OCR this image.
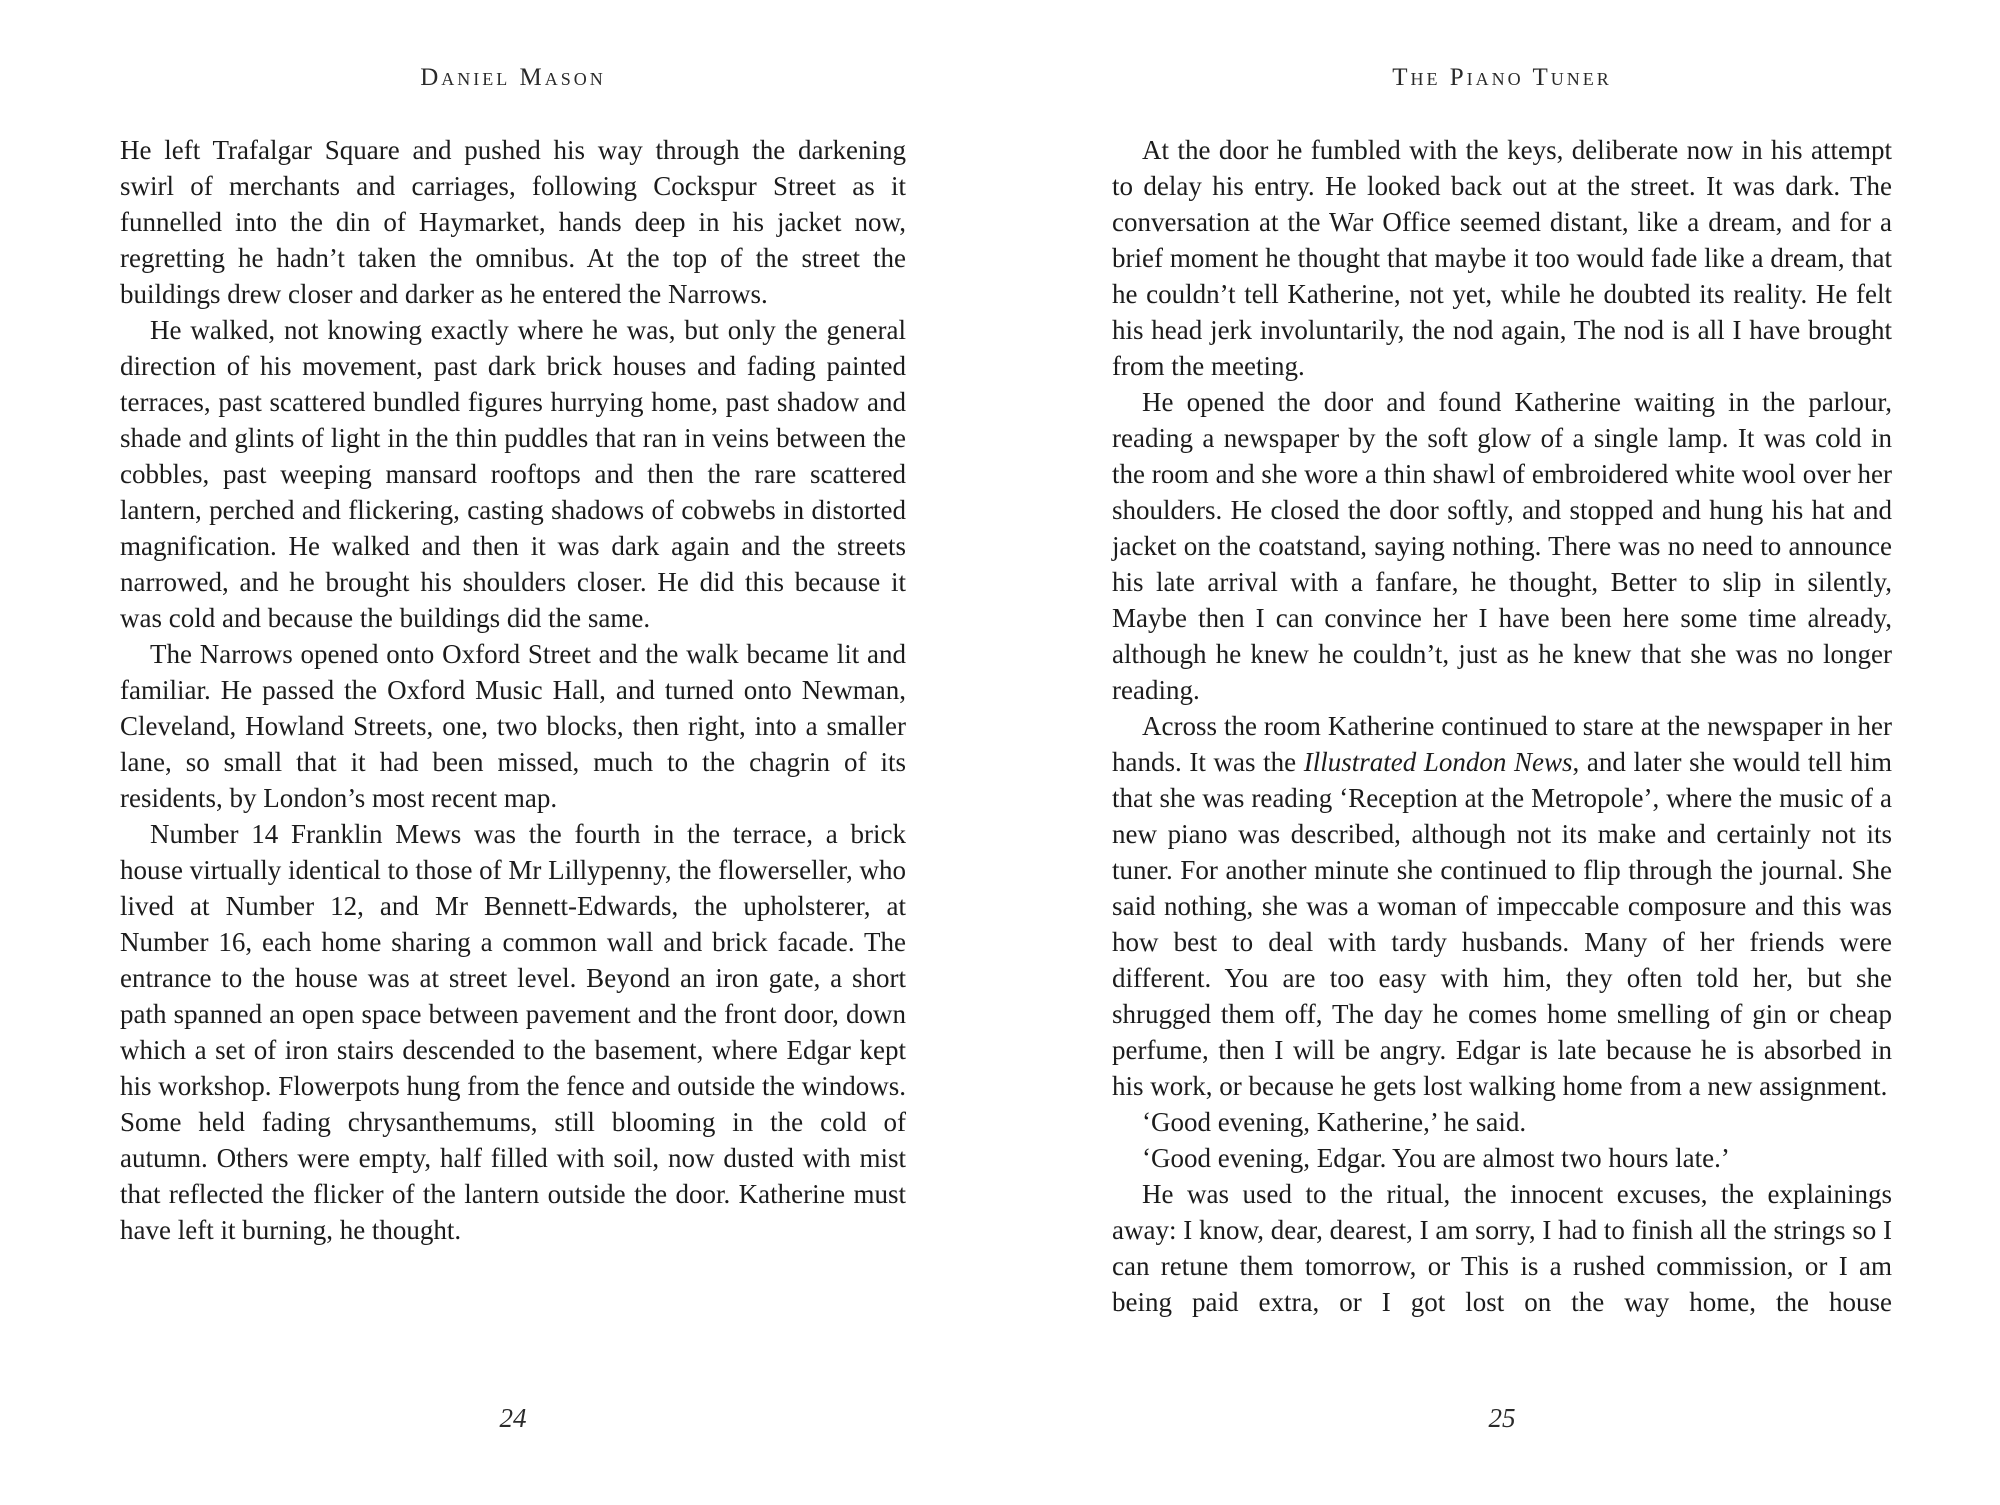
Daniel Mason

He left Trafalgar Square and pushed his way through the darkening swirl of merchants and carriages, following Cockspur Street as it funnelled into the din of Haymarket, hands deep in his jacket now, regretting he hadn’t taken the omnibus. At the top of the street the buildings drew closer and darker as he entered the Narrows.

He walked, not knowing exactly where he was, but only the general direction of his movement, past dark brick houses and fading painted terraces, past scattered bundled figures hurrying home, past shadow and shade and glints of light in the thin puddles that ran in veins between the cobbles, past weeping mansard rooftops and then the rare scattered lantern, perched and flickering, casting shadows of cobwebs in distorted magnification. He walked and then it was dark again and the streets narrowed, and he brought his shoulders closer. He did this because it was cold and because the buildings did the same.

The Narrows opened onto Oxford Street and the walk became lit and familiar. He passed the Oxford Music Hall, and turned onto Newman, Cleveland, Howland Streets, one, two blocks, then right, into a smaller lane, so small that it had been missed, much to the chagrin of its residents, by London’s most recent map.

Number 14 Franklin Mews was the fourth in the terrace, a brick house virtually identical to those of Mr Lillypenny, the flowerseller, who lived at Number 12, and Mr Bennett-Edwards, the upholsterer, at Number 16, each home sharing a common wall and brick facade. The entrance to the house was at street level. Beyond an iron gate, a short path spanned an open space between pavement and the front door, down which a set of iron stairs descended to the basement, where Edgar kept his workshop. Flowerpots hung from the fence and outside the windows. Some held fading chrysanthemums, still blooming in the cold of autumn. Others were empty, half filled with soil, now dusted with mist that reflected the flicker of the lantern outside the door. Katherine must have left it burning, he thought.

24
The Piano Tuner

At the door he fumbled with the keys, deliberate now in his attempt to delay his entry. He looked back out at the street. It was dark. The conversation at the War Office seemed distant, like a dream, and for a brief moment he thought that maybe it too would fade like a dream, that he couldn’t tell Katherine, not yet, while he doubted its reality. He felt his head jerk involuntarily, the nod again, The nod is all I have brought from the meeting.

He opened the door and found Katherine waiting in the parlour, reading a newspaper by the soft glow of a single lamp. It was cold in the room and she wore a thin shawl of embroidered white wool over her shoulders. He closed the door softly, and stopped and hung his hat and jacket on the coatstand, saying nothing. There was no need to announce his late arrival with a fanfare, he thought, Better to slip in silently, Maybe then I can convince her I have been here some time already, although he knew he couldn’t, just as he knew that she was no longer reading.

Across the room Katherine continued to stare at the newspaper in her hands. It was the Illustrated London News, and later she would tell him that she was reading ‘Reception at the Metropole’, where the music of a new piano was described, although not its make and certainly not its tuner. For another minute she continued to flip through the journal. She said nothing, she was a woman of impeccable composure and this was how best to deal with tardy husbands. Many of her friends were different. You are too easy with him, they often told her, but she shrugged them off, The day he comes home smelling of gin or cheap perfume, then I will be angry. Edgar is late because he is absorbed in his work, or because he gets lost walking home from a new assignment.

‘Good evening, Katherine,’ he said.

‘Good evening, Edgar. You are almost two hours late.’

He was used to the ritual, the innocent excuses, the explainings away: I know, dear, dearest, I am sorry, I had to finish all the strings so I can retune them tomorrow, or This is a rushed commission, or I am being paid extra, or I got lost on the way home, the house

25
